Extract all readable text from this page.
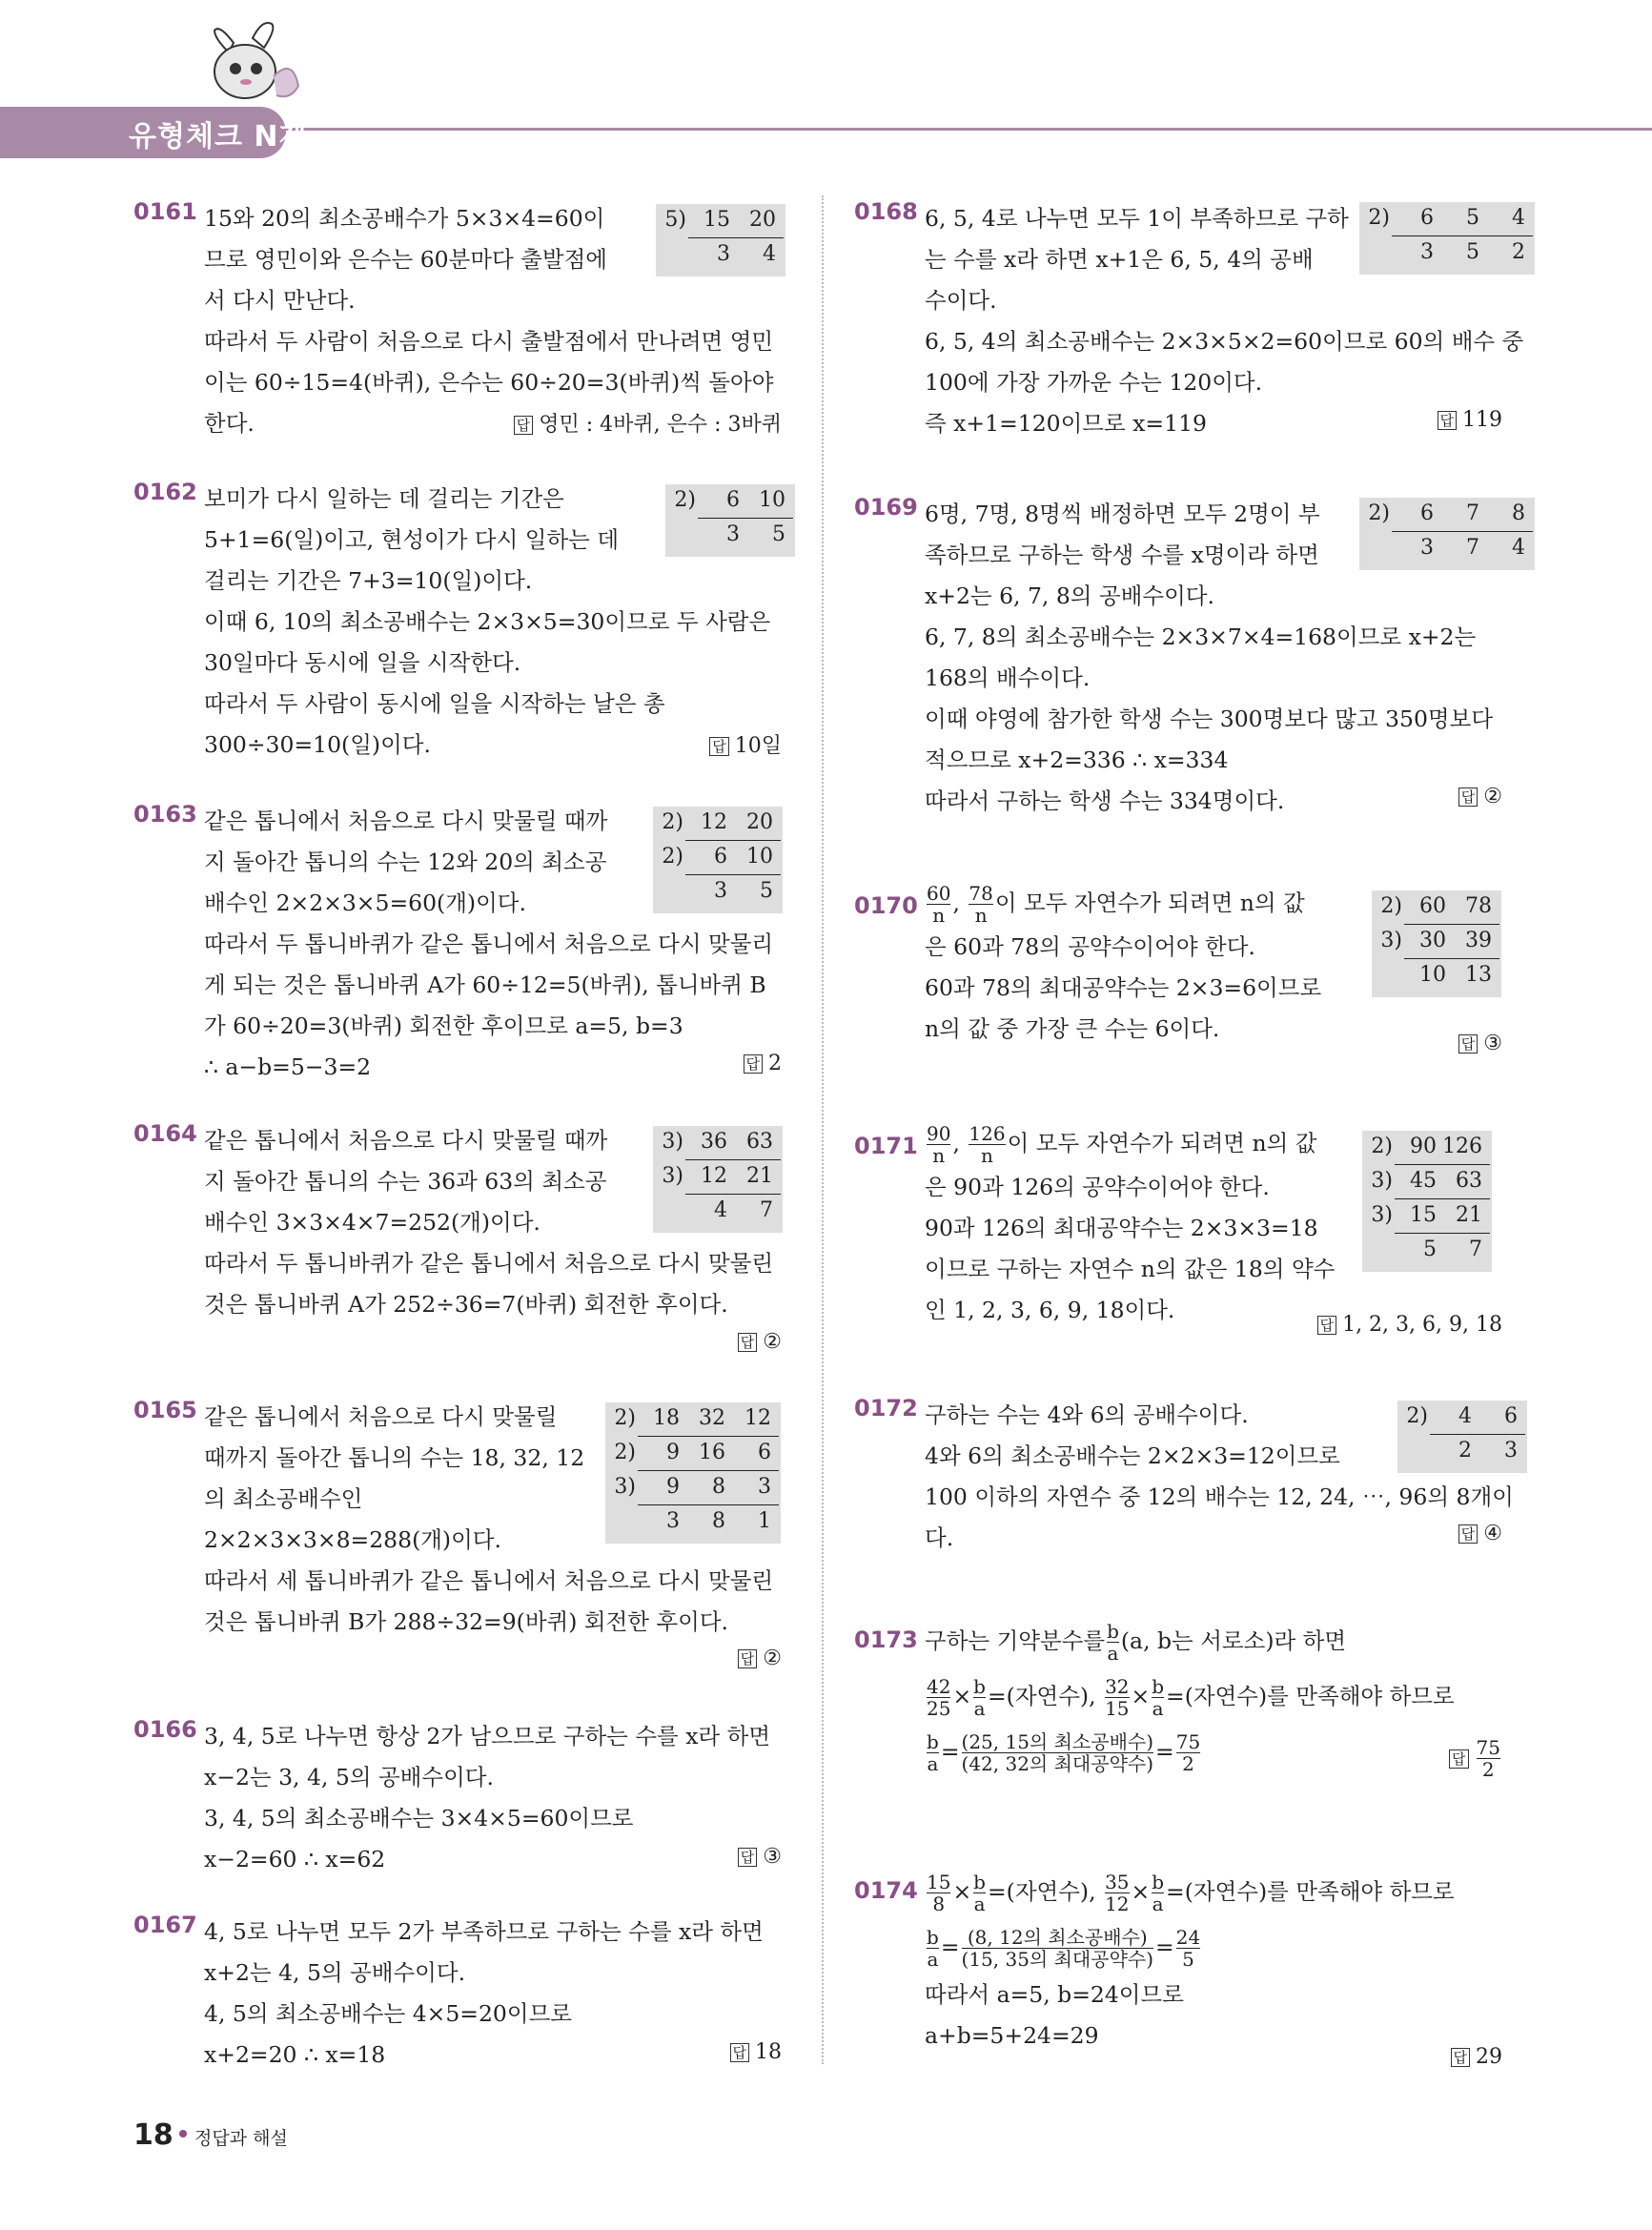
유형체크 N제
0161 15와 20의 최소공배수가 5×3×4=60이
므로 영민이와 은수는 60분마다 출발점에
서 다시 만난다.
따라서 두 사람이 처음으로 다시 출발점에서 만나려면 영민
이는 60÷15=4(바퀴), 은수는 60÷20=3(바퀴)씩 돌아야
한다.	답 영민 : 4바퀴, 은수 : 3바퀴
5) 15 20
3	4
0162 보미가 다시 일하는 데 걸리는 기간은
5+1=6(일)이고, 현성이가 다시 일하는 데
걸리는 기간은 7+3=10(일)이다.
이때 6, 10의 최소공배수는 2×3×5=30이므로 두 사람은
30일마다 동시에 일을 시작한다.
따라서 두 사람이 동시에 일을 시작하는 날은 총
300÷30=10(일)이다.	답 10일
2)	6 10
3	5
0163 같은 톱니에서 처음으로 다시 맞물릴 때까
지 돌아간 톱니의 수는 12와 20의 최소공
배수인 2×2×3×5=60(개)이다.
따라서 두 톱니바퀴가 같은 톱니에서 처음으로 다시 맞물리
게 되는 것은 톱니바퀴 A가 60÷12=5(바퀴), 톱니바퀴 B
가 60÷20=3(바퀴) 회전한 후이므로 a=5, b=3
∴ a−b=5−3=2	답 2
2) 12 20
2)	6 10
3	5
0164 같은 톱니에서 처음으로 다시 맞물릴 때까
지 돌아간 톱니의 수는 36과 63의 최소공
배수인 3×3×4×7=252(개)이다.
따라서 두 톱니바퀴가 같은 톱니에서 처음으로 다시 맞물린
것은 톱니바퀴 A가 252÷36=7(바퀴) 회전한 후이다.
답 ②
3) 36 63
3) 12 21
4	7
0165 같은 톱니에서 처음으로 다시 맞물릴
때까지 돌아간 톱니의 수는 18, 32, 12
의 최소공배수인
2×2×3×3×8=288(개)이다.
따라서 세 톱니바퀴가 같은 톱니에서 처음으로 다시 맞물린
것은 톱니바퀴 B가 288÷32=9(바퀴) 회전한 후이다.
답 ②
2) 18 32 12
2)	9 16	6
3)	9	8	3
3	8	1
0166 3, 4, 5로 나누면 항상 2가 남으므로 구하는 수를 x라 하면
x−2는 3, 4, 5의 공배수이다.
3, 4, 5의 최소공배수는 3×4×5=60이므로
x−2=60 ∴ x=62	답 ③
0167 4, 5로 나누면 모두 2가 부족하므로 구하는 수를 x라 하면
x+2는 4, 5의 공배수이다.
4, 5의 최소공배수는 4×5=20이므로
x+2=20 ∴ x=18	답 18
0168 6, 5, 4로 나누면 모두 1이 부족하므로 구하
는 수를 x라 하면 x+1은 6, 5, 4의 공배
수이다.
6, 5, 4의 최소공배수는 2×3×5×2=60이므로 60의 배수 중
100에 가장 가까운 수는 120이다.
즉 x+1=120이므로 x=119	답 119
2)	6	5	4
3	5	2
0169 6명, 7명, 8명씩 배정하면 모두 2명이 부
족하므로 구하는 학생 수를 x명이라 하면
x+2는 6, 7, 8의 공배수이다.
6, 7, 8의 최소공배수는 2×3×7×4=168이므로 x+2는
168의 배수이다.
이때 야영에 참가한 학생 수는 300명보다 많고 350명보다
적으므로 x+2=336 ∴ x=334
따라서 구하는 학생 수는 334명이다.	답 ②
2)	6	7	8
3	7	4
$0170 \frac{60}{n}$ , $\frac{78}{n}$ 이 모두 자연수가 되려면 n의 값
은 60과 78의 공약수이어야 한다.
60과 78의 최대공약수는 2×3=6이므로
n의 값 중 가장 큰 수는 6이다.
답 ③
2) 60 78
3) 30 39
10 13
$0171 \frac{90}{n}$ , $\frac{126}{n}$ 이 모두 자연수가 되려면 n의 값
은 90과 126의 공약수이어야 한다.
90과 126의 최대공약수는 2×3×3=18
이므로 구하는 자연수 n의 값은 18의 약수
인 1, 2, 3, 6, 9, 18이다.
답 1, 2, 3, 6, 9, 18
2) 90 126
3) 45 63
3) 15 21
5	7
0172 구하는 수는 4와 6의 공배수이다.
4와 6의 최소공배수는 2×2×3=12이므로
100 이하의 자연수 중 12의 배수는 12, 24, ⋯, 96의 8개이
다.	답 ④
2)	4	6
2	3
0173 구하는 기약분수를 $\frac{b}{a} (a$, b는 서로소)라 하면
$\frac{42}{25} \times \frac{b}{a}$ =(자연수), $\frac{32}{15} \times \frac{b}{a}$ =(자연수)를 만족해야 하므로
$\frac{b}{a} = \frac{\text{(25, 15의 최소공배수)}}{\text{(42, 32의 최대공약수)}} = \frac{75}{2}$	답 $\frac{75}{2}$
$0174 \frac{15}{8} \times \frac{b}{a}$ =(자연수), $\frac{35}{12} \times \frac{b}{a}$ =(자연수)를 만족해야 하므로
$\frac{b}{a} = \frac{\text{(8, 12의 최소공배수)}}{\text{(15, 35의 최대공약수)}} = \frac{24}{5}$
따라서 a=5, b=24이므로
a+b=5+24=29
답 29
18 정답과 해설
